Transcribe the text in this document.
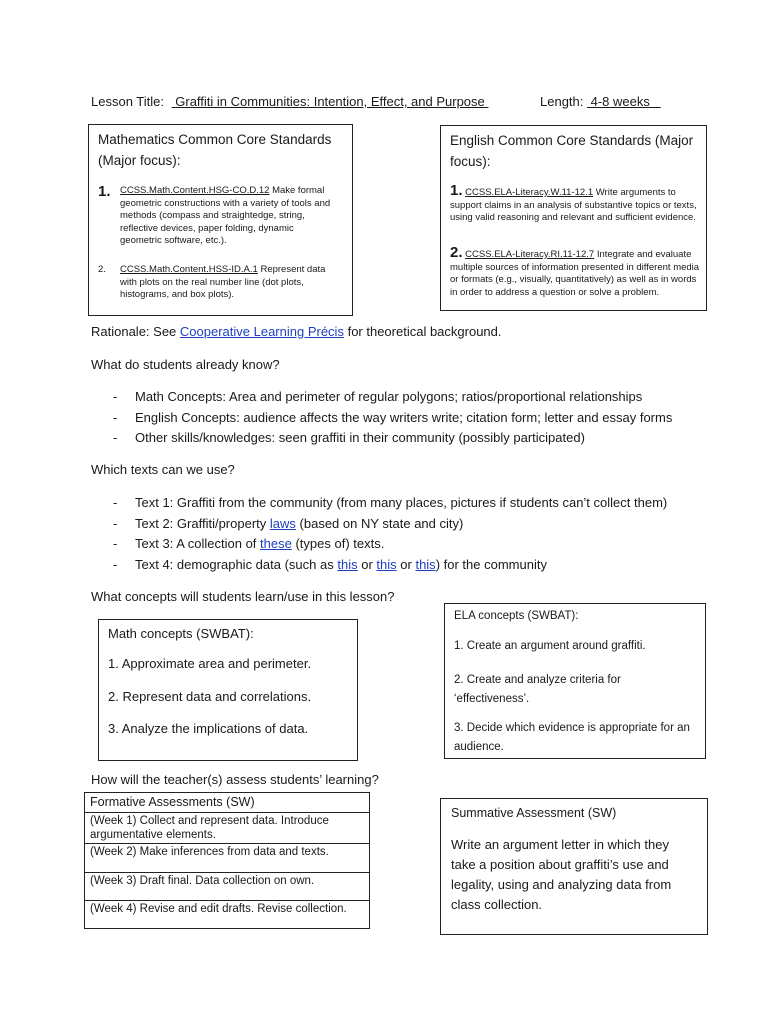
Lesson Title: Graffiti in Communities: Intention, Effect, and Purpose	Length: 4-8 weeks
Mathematics Common Core Standards (Major focus):
1. CCSS.Math.Content.HSG-CO.D.12 Make formal geometric constructions with a variety of tools and methods (compass and straightedge, string, reflective devices, paper folding, dynamic geometric software, etc.).
2. CCSS.Math.Content.HSS-ID.A.1 Represent data with plots on the real number line (dot plots, histograms, and box plots).
English Common Core Standards (Major focus):
1. CCSS.ELA-Literacy.W.11-12.1 Write arguments to support claims in an analysis of substantive topics or texts, using valid reasoning and relevant and sufficient evidence.
2. CCSS.ELA-Literacy.RI.11-12.7 Integrate and evaluate multiple sources of information presented in different media or formats (e.g., visually, quantitatively) as well as in words in order to address a question or solve a problem.
Rationale: See Cooperative Learning Précis for theoretical background.
What do students already know?
- Math Concepts: Area and perimeter of regular polygons; ratios/proportional relationships
- English Concepts: audience affects the way writers write; citation form; letter and essay forms
- Other skills/knowledges: seen graffiti in their community (possibly participated)
Which texts can we use?
- Text 1: Graffiti from the community (from many places, pictures if students can’t collect them)
- Text 2: Graffiti/property laws (based on NY state and city)
- Text 3: A collection of these (types of) texts.
- Text 4: demographic data (such as this or this or this) for the community
What concepts will students learn/use in this lesson?
Math concepts (SWBAT):
1. Approximate area and perimeter.
2. Represent data and correlations.
3. Analyze the implications of data.
ELA concepts (SWBAT):
1. Create an argument around graffiti.
2. Create and analyze criteria for ‘effectiveness’.
3. Decide which evidence is appropriate for an audience.
How will the teacher(s) assess students’ learning?
Formative Assessments (SW)
(Week 1) Collect and represent data. Introduce argumentative elements.
(Week 2) Make inferences from data and texts.
(Week 3) Draft final. Data collection on own.
(Week 4) Revise and edit drafts. Revise collection.
Summative Assessment (SW)
Write an argument letter in which they take a position about graffiti’s use and legality, using and analyzing data from class collection.
